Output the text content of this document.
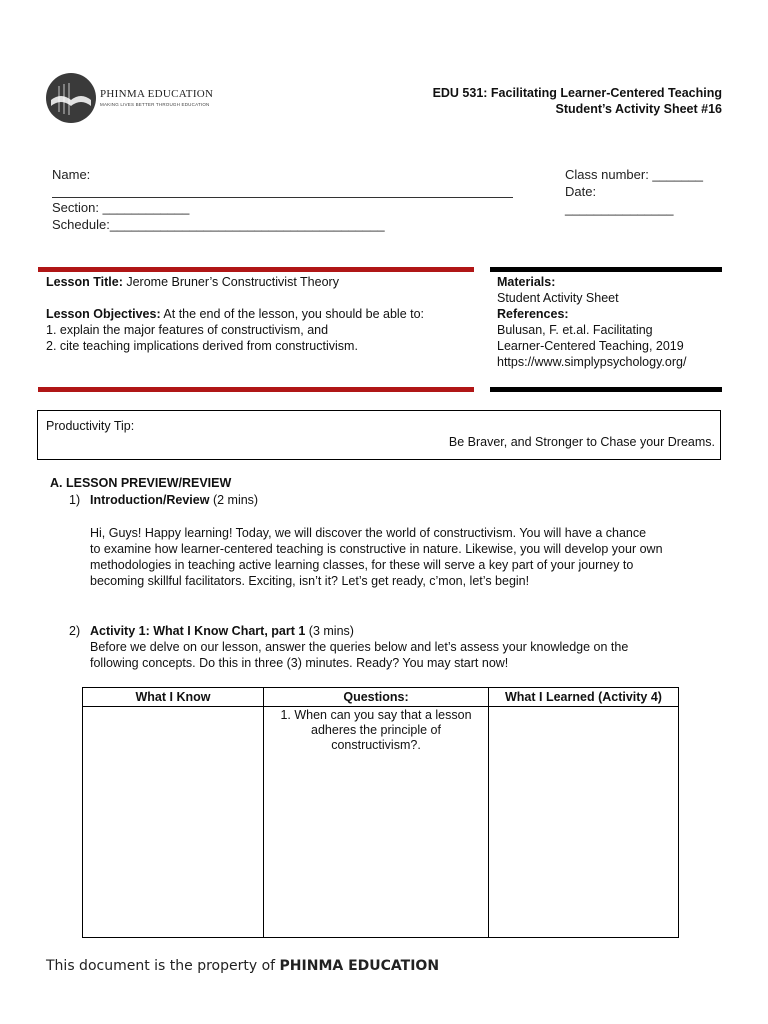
PHINMA EDUCATION
MAKING LIVES BETTER THROUGH EDUCATION
EDU 531: Facilitating Learner-Centered Teaching
Student’s Activity Sheet #16
Name:
Section: ____________
Schedule:______________________________________
Class number: _______
Date:
_______________
Lesson Title: Jerome Bruner’s Constructivist Theory
Lesson Objectives: At the end of the lesson, you should be able to:
1. explain the major features of constructivism, and
2. cite teaching implications derived from constructivism.
Materials:
Student Activity Sheet
References:
Bulusan, F. et.al. Facilitating
Learner-Centered Teaching, 2019
https://www.simplypsychology.org/
Productivity Tip:
Be Braver, and Stronger to Chase your Dreams.
A. LESSON PREVIEW/REVIEW
1) Introduction/Review (2 mins)
Hi, Guys! Happy learning! Today, we will discover the world of constructivism. You will have a chance
to examine how learner-centered teaching is constructive in nature. Likewise, you will develop your own
methodologies in teaching active learning classes, for these will serve a key part of your journey to
becoming skillful facilitators. Exciting, isn’t it? Let’s get ready, c’mon, let’s begin!
2) Activity 1: What I Know Chart, part 1 (3 mins)
Before we delve on our lesson, answer the queries below and let’s assess your knowledge on the
following concepts. Do this in three (3) minutes. Ready? You may start now!
What I Know	Questions:	What I Learned (Activity 4)

	1. When can you say that a lesson
adheres the principle of
constructivism?.	

This document is the property of PHINMA EDUCATION
